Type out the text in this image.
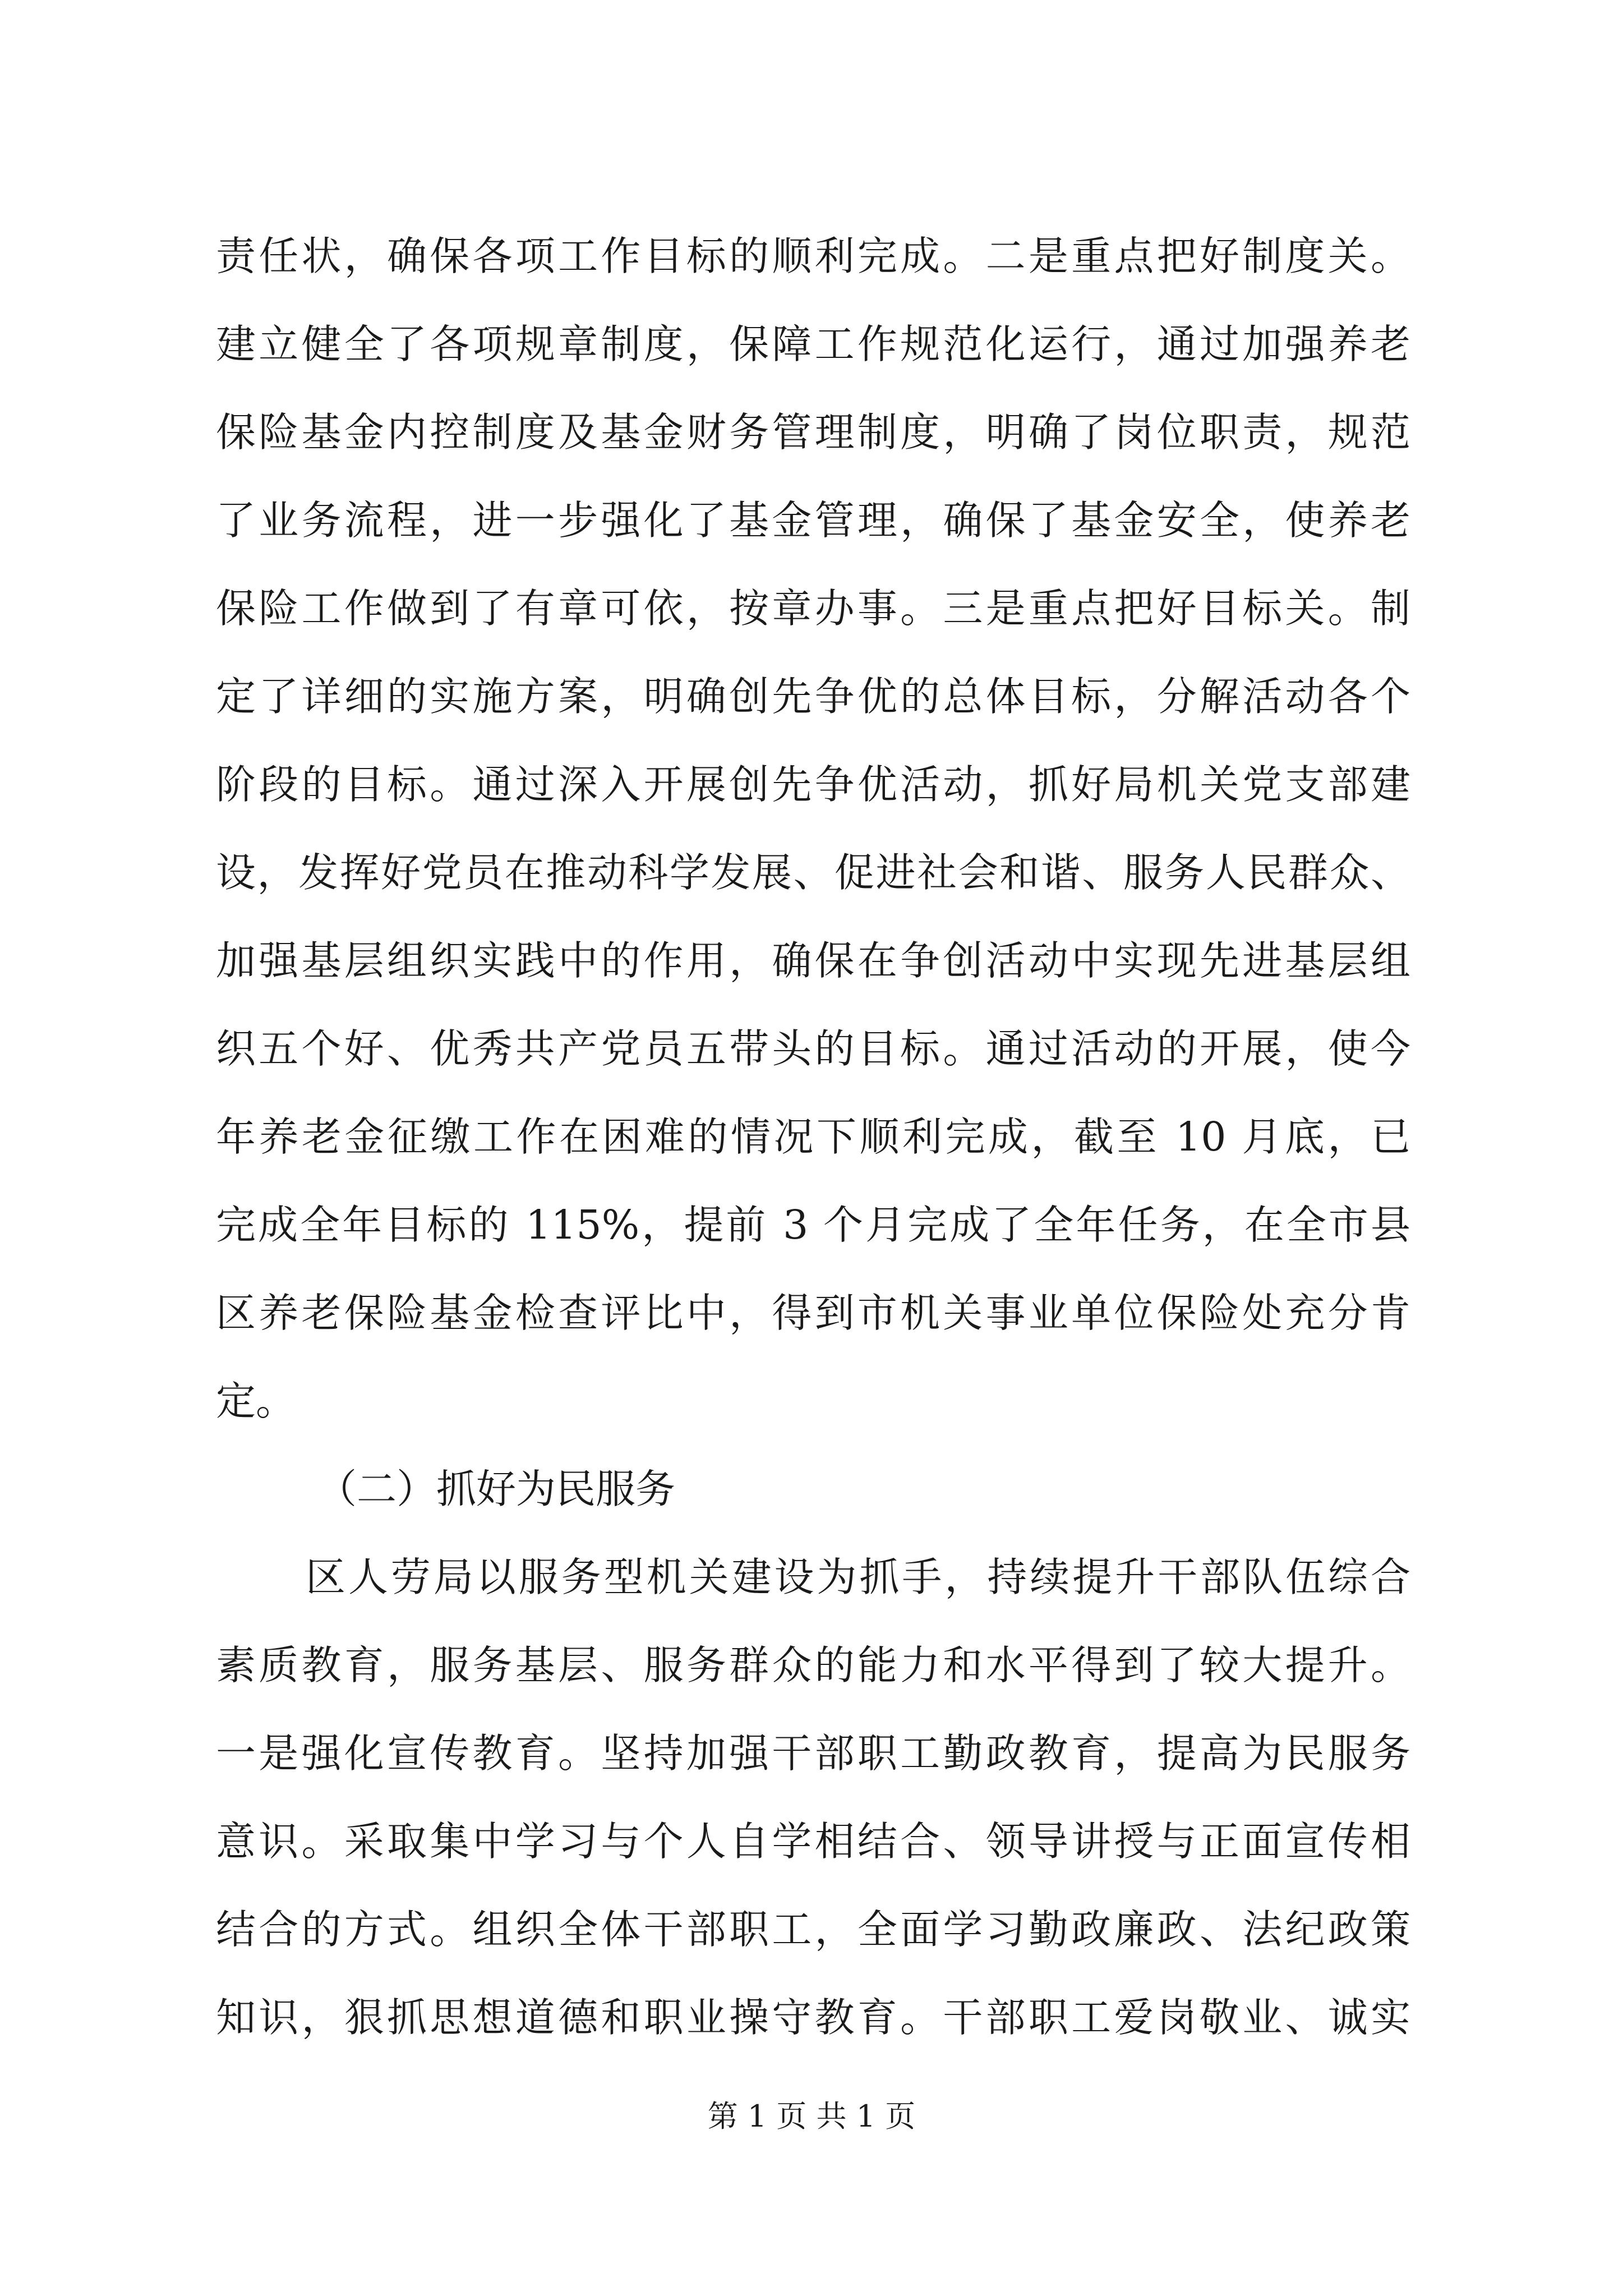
责任状，确保各项工作目标的顺利完成。二是重点把好制度关。
建立健全了各项规章制度，保障工作规范化运行，通过加强养老
保险基金内控制度及基金财务管理制度，明确了岗位职责，规范
了业务流程，进一步强化了基金管理，确保了基金安全，使养老
保险工作做到了有章可依，按章办事。三是重点把好目标关。制
定了详细的实施方案，明确创先争优的总体目标，分解活动各个
阶段的目标。通过深入开展创先争优活动，抓好局机关党支部建
设，发挥好党员在推动科学发展、促进社会和谐、服务人民群众、
加强基层组织实践中的作用，确保在争创活动中实现先进基层组
织五个好、优秀共产党员五带头的目标。通过活动的开展，使今
年养老金征缴工作在困难的情况下顺利完成，截至 10 月底，已
完成全年目标的 115%，提前 3 个月完成了全年任务，在全市县
区养老保险基金检查评比中，得到市机关事业单位保险处充分肯
定。
（二）抓好为民服务
区人劳局以服务型机关建设为抓手，持续提升干部队伍综合
素质教育，服务基层、服务群众的能力和水平得到了较大提升。
一是强化宣传教育。坚持加强干部职工勤政教育，提高为民服务
意识。采取集中学习与个人自学相结合、领导讲授与正面宣传相
结合的方式。组织全体干部职工，全面学习勤政廉政、法纪政策
知识，狠抓思想道德和职业操守教育。干部职工爱岗敬业、诚实
第 1 页 共 1 页
